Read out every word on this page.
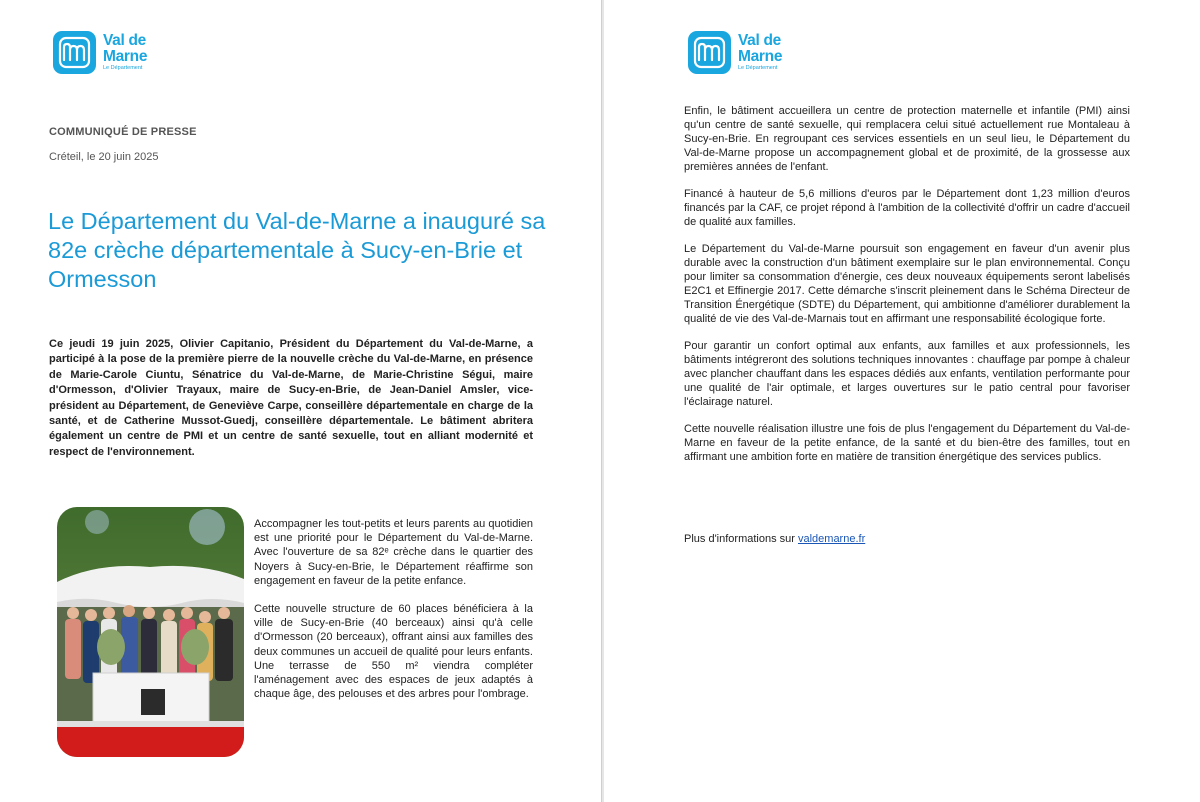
Val de
Marne
Le Département
COMMUNIQUÉ DE PRESSE
Créteil, le 20 juin 2025
Le Département du Val-de-Marne a inauguré sa 82e crèche départementale à Sucy-en-Brie et Ormesson

Ce jeudi 19 juin 2025, Olivier Capitanio, Président du Département du Val-de-Marne, a participé à la pose de la première pierre de la nouvelle crèche du Val-de-Marne, en présence de Marie-Carole Ciuntu, Sénatrice du Val-de-Marne, de Marie-Christine Ségui, maire d'Ormesson, d'Olivier Trayaux, maire de Sucy-en-Brie, de Jean-Daniel Amsler, vice-président au Département, de Geneviève Carpe, conseillère départementale en charge de la santé, et de Catherine Mussot-Guedj, conseillère départementale. Le bâtiment abritera également un centre de PMI et un centre de santé sexuelle, tout en alliant modernité et respect de l'environnement.

Accompagner les tout-petits et leurs parents au quotidien est une priorité pour le Département du Val-de-Marne. Avec l'ouverture de sa 82ᵉ crèche dans le quartier des Noyers à Sucy-en-Brie, le Département réaffirme son engagement en faveur de la petite enfance.

Cette nouvelle structure de 60 places bénéficiera à la ville de Sucy-en-Brie (40 berceaux) ainsi qu'à celle d'Ormesson (20 berceaux), offrant ainsi aux familles des deux communes un accueil de qualité pour leurs enfants. Une terrasse de 550 m² viendra compléter l'aménagement avec des espaces de jeux adaptés à chaque âge, des pelouses et des arbres pour l'ombrage.

Val de
Marne
Le Département

Enfin, le bâtiment accueillera un centre de protection maternelle et infantile (PMI) ainsi qu'un centre de santé sexuelle, qui remplacera celui situé actuellement rue Montaleau à Sucy-en-Brie. En regroupant ces services essentiels en un seul lieu, le Département du Val-de-Marne propose un accompagnement global et de proximité, de la grossesse aux premières années de l'enfant.

Financé à hauteur de 5,6 millions d'euros par le Département dont 1,23 million d'euros financés par la CAF, ce projet répond à l'ambition de la collectivité d'offrir un cadre d'accueil de qualité aux familles.

Le Département du Val-de-Marne poursuit son engagement en faveur d'un avenir plus durable avec la construction d'un bâtiment exemplaire sur le plan environnemental. Conçu pour limiter sa consommation d'énergie, ces deux nouveaux équipements seront labelisés E2C1 et Effinergie 2017. Cette démarche s'inscrit pleinement dans le Schéma Directeur de Transition Énergétique (SDTE) du Département, qui ambitionne d'améliorer durablement la qualité de vie des Val-de-Marnais tout en affirmant une responsabilité écologique forte.

Pour garantir un confort optimal aux enfants, aux familles et aux professionnels, les bâtiments intégreront des solutions techniques innovantes : chauffage par pompe à chaleur avec plancher chauffant dans les espaces dédiés aux enfants, ventilation performante pour une qualité de l'air optimale, et larges ouvertures sur le patio central pour favoriser l'éclairage naturel.

Cette nouvelle réalisation illustre une fois de plus l'engagement du Département du Val-de-Marne en faveur de la petite enfance, de la santé et du bien-être des familles, tout en affirmant une ambition forte en matière de transition énergétique des services publics.

Plus d'informations sur valdemarne.fr
